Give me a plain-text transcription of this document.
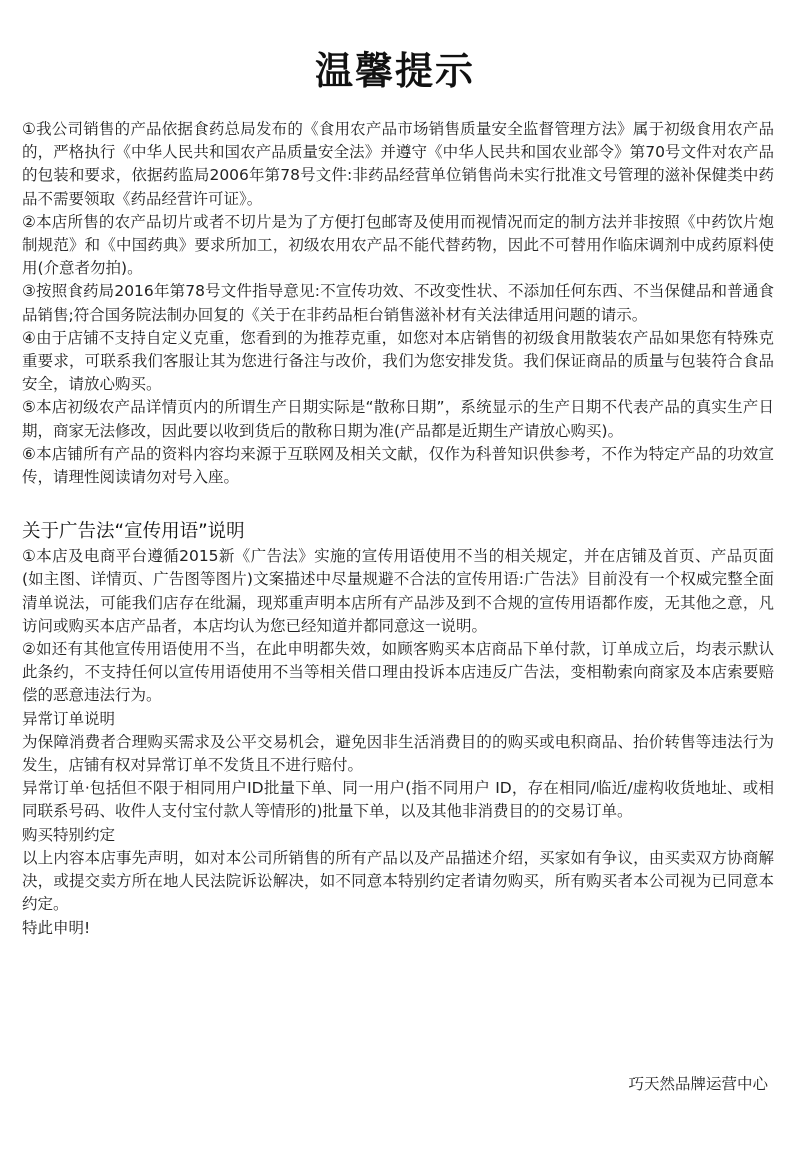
温馨提示

①我公司销售的产品依据食药总局发布的《食用农产品市场销售质量安全监督管理方法》属于初级食用农产品的，严格执行《中华人民共和国农产品质量安全法》并遵守《中华人民共和国农业部令》第70号文件对农产品的包装和要求，依据药监局2006年第78号文件:非药品经营单位销售尚未实行批准文号管理的滋补保健类中药品不需要领取《药品经营许可证》。

②本店所售的农产品切片或者不切片是为了方便打包邮寄及使用而视情况而定的制方法并非按照《中药饮片炮制规范》和《中国药典》要求所加工，初级农用农产品不能代替药物，因此不可替用作临床调剂中成药原料使用(介意者勿拍)。

③按照食药局2016年第78号文件指导意见:不宣传功效、不改变性状、不添加任何东西、不当保健品和普通食品销售;符合国务院法制办回复的《关于在非药品柜台销售滋补材有关法律适用问题的请示。

④由于店铺不支持自定义克重，您看到的为推荐克重，如您对本店销售的初级食用散装农产品如果您有特殊克重要求，可联系我们客服让其为您进行备注与改价，我们为您安排发货。我们保证商品的质量与包装符合食品安全，请放心购买。

⑤本店初级农产品详情页内的所谓生产日期实际是“散称日期”，系统显示的生产日期不代表产品的真实生产日期，商家无法修改，因此要以收到货后的散称日期为准(产品都是近期生产请放心购买)。

⑥本店铺所有产品的资料内容均来源于互联网及相关文献，仅作为科普知识供参考，不作为特定产品的功效宣传，请理性阅读请勿对号入座。

关于广告法“宣传用语”说明

①本店及电商平台遵循2015新《广告法》实施的宣传用语使用不当的相关规定，并在店铺及首页、产品页面(如主图、详情页、广告图等图片)文案描述中尽量规避不合法的宣传用语:广告法》目前没有一个权威完整全面清单说法，可能我们店存在纰漏，现郑重声明本店所有产品涉及到不合规的宣传用语都作废，无其他之意，凡访问或购买本店产品者，本店均认为您已经知道并都同意这一说明。

②如还有其他宣传用语使用不当，在此申明都失效，如顾客购买本店商品下单付款，订单成立后，均表示默认此条约，不支持任何以宣传用语使用不当等相关借口理由投诉本店违反广告法，变相勒索向商家及本店索要赔偿的恶意违法行为。

异常订单说明

为保障消费者合理购买需求及公平交易机会，避免因非生活消费目的的购买或电积商品、抬价转售等违法行为发生，店铺有权对异常订单不发货且不进行赔付。

异常订单·包括但不限于相同用户ID批量下单、同一用户(指不同用户 ID，存在相同/临近/虚构收货地址、或相同联系号码、收件人支付宝付款人等情形的)批量下单，以及其他非消费目的的交易订单。

购买特别约定

以上内容本店事先声明，如对本公司所销售的所有产品以及产品描述介绍，买家如有争议，由买卖双方协商解决，或提交卖方所在地人民法院诉讼解决，如不同意本特别约定者请勿购买，所有购买者本公司视为已同意本约定。

特此申明!

巧天然品牌运营中心
